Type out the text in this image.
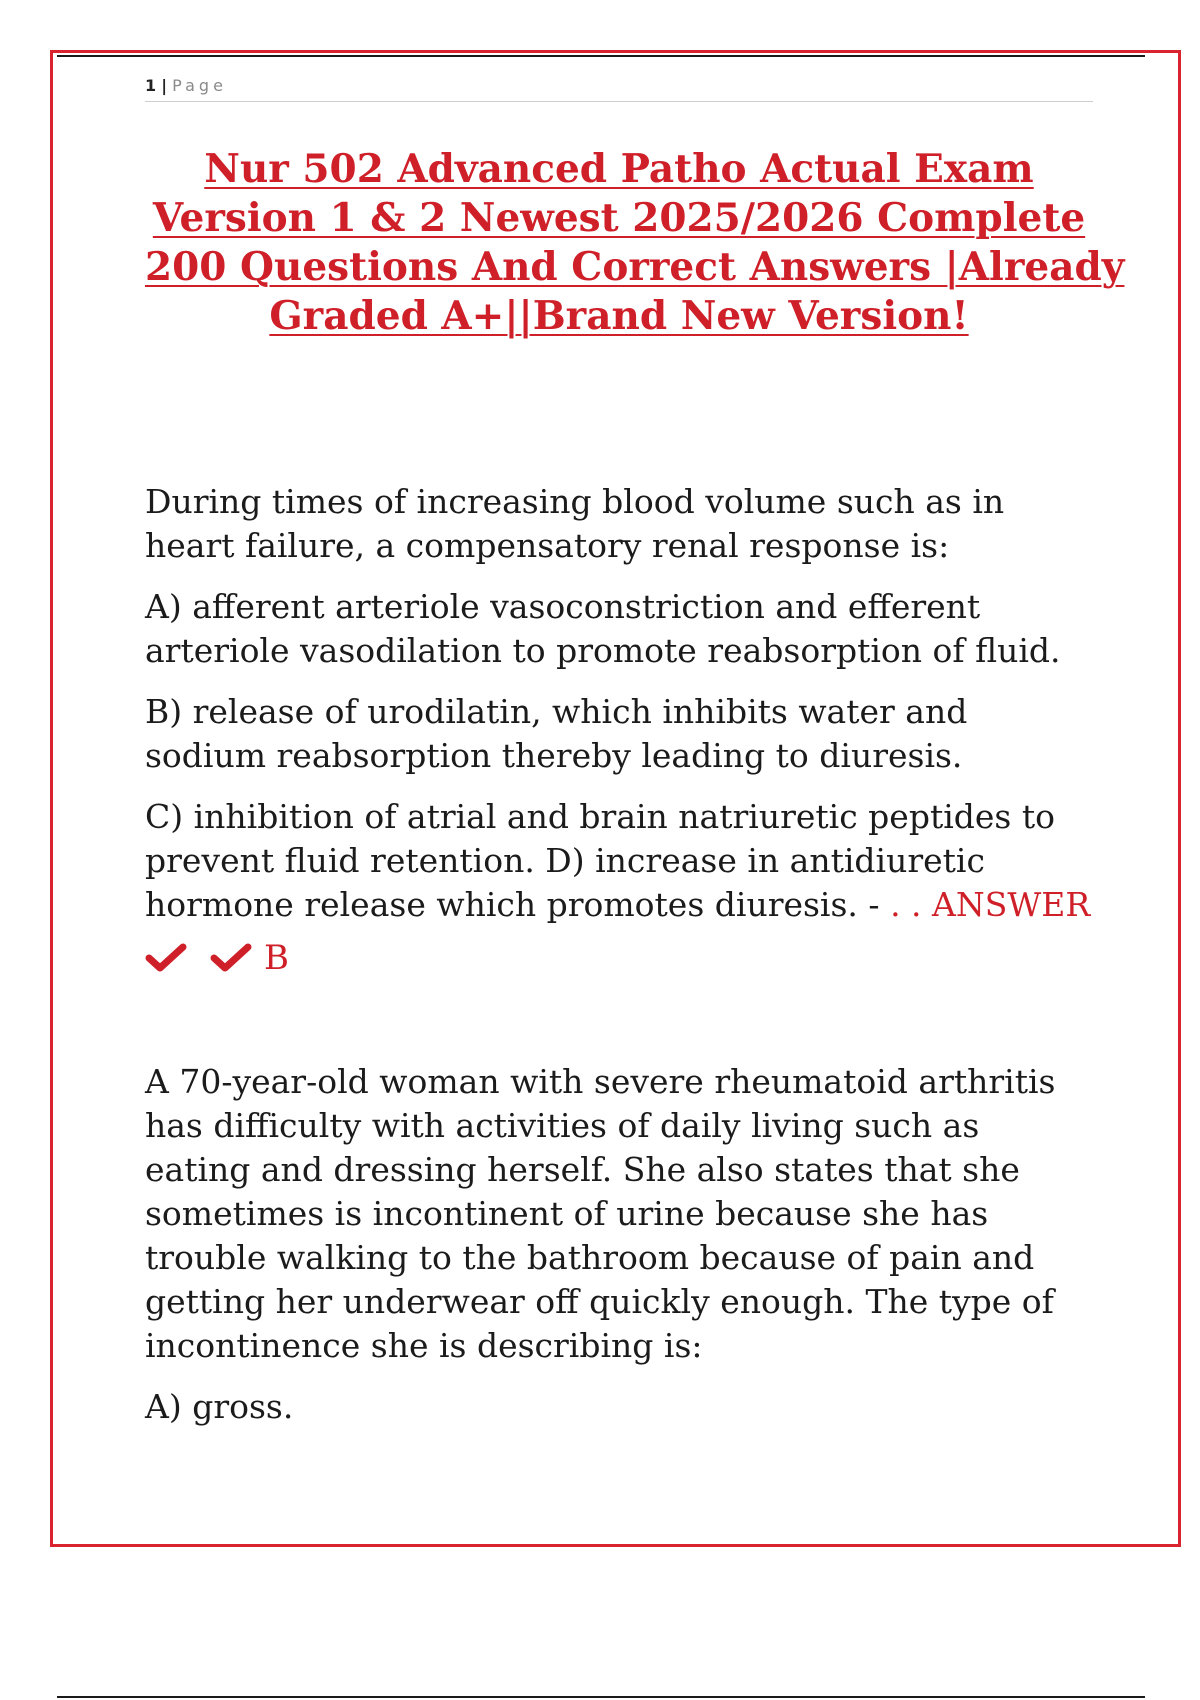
1 | Page
Nur 502 Advanced Patho Actual Exam
Version 1 & 2 Newest 2025/2026 Complete
200 Questions And Correct Answers |Already
Graded A+||Brand New Version!

During times of increasing blood volume such as in heart failure, a compensatory renal response is:

A) afferent arteriole vasoconstriction and efferent arteriole vasodilation to promote reabsorption of fluid.

B) release of urodilatin, which inhibits water and sodium reabsorption thereby leading to diuresis.

C) inhibition of atrial and brain natriuretic peptides to prevent fluid retention. D) increase in antidiuretic hormone release which promotes diuresis. - . . ANSWER

B

A 70-year-old woman with severe rheumatoid arthritis has difficulty with activities of daily living such as eating and dressing herself. She also states that she sometimes is incontinent of urine because she has trouble walking to the bathroom because of pain and getting her underwear off quickly enough. The type of incontinence she is describing is:

A) gross.
